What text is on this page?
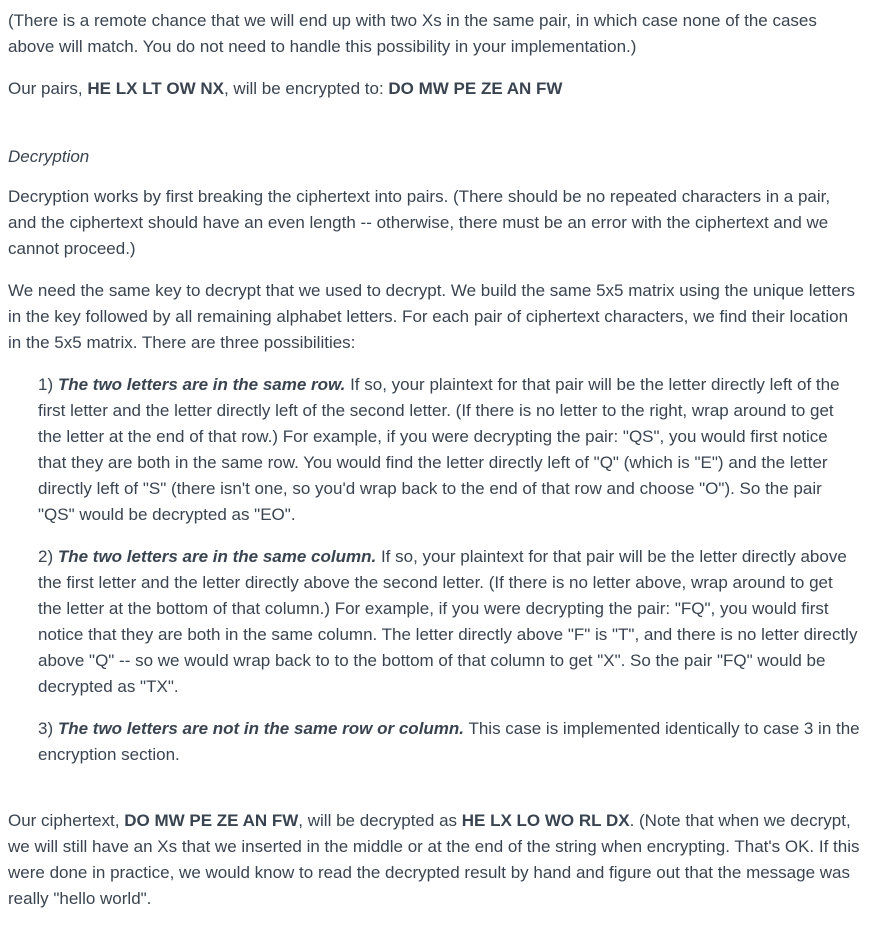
(There is a remote chance that we will end up with two Xs in the same pair, in which case none of the cases above will match. You do not need to handle this possibility in your implementation.)

Our pairs, HE LX LT OW NX, will be encrypted to: DO MW PE ZE AN FW

Decryption

Decryption works by first breaking the ciphertext into pairs. (There should be no repeated characters in a pair, and the ciphertext should have an even length -- otherwise, there must be an error with the ciphertext and we cannot proceed.)

We need the same key to decrypt that we used to decrypt. We build the same 5x5 matrix using the unique letters in the key followed by all remaining alphabet letters. For each pair of ciphertext characters, we find their location in the 5x5 matrix. There are three possibilities:

1) The two letters are in the same row. If so, your plaintext for that pair will be the letter directly left of the first letter and the letter directly left of the second letter. (If there is no letter to the right, wrap around to get the letter at the end of that row.) For example, if you were decrypting the pair: "QS", you would first notice that they are both in the same row. You would find the letter directly left of "Q" (which is "E") and the letter directly left of "S" (there isn't one, so you'd wrap back to the end of that row and choose "O"). So the pair "QS" would be decrypted as "EO".
2) The two letters are in the same column. If so, your plaintext for that pair will be the letter directly above the first letter and the letter directly above the second letter. (If there is no letter above, wrap around to get the letter at the bottom of that column.) For example, if you were decrypting the pair: "FQ", you would first notice that they are both in the same column. The letter directly above "F" is "T", and there is no letter directly above "Q" -- so we would wrap back to to the bottom of that column to get "X". So the pair "FQ" would be decrypted as "TX".
3) The two letters are not in the same row or column. This case is implemented identically to case 3 in the encryption section.

Our ciphertext, DO MW PE ZE AN FW, will be decrypted as HE LX LO WO RL DX. (Note that when we decrypt, we will still have an Xs that we inserted in the middle or at the end of the string when encrypting. That's OK. If this were done in practice, we would know to read the decrypted result by hand and figure out that the message was really "hello world".
